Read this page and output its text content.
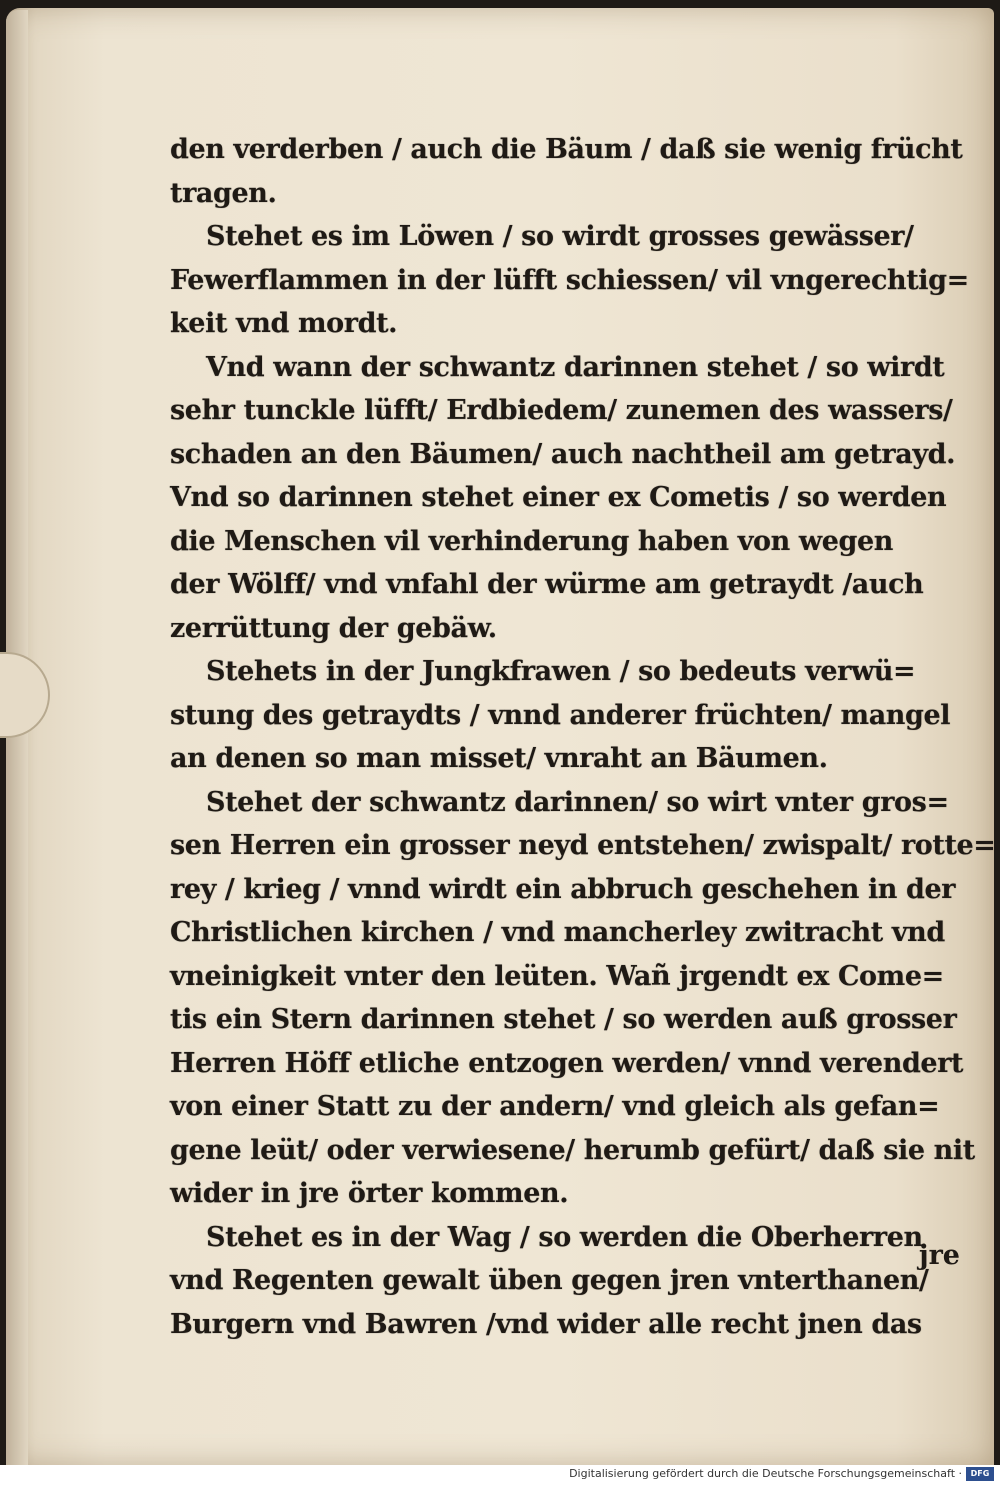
den verderben / auch die Bäum / daß sie wenig frücht
tragen.
Stehet es im Löwen / so wirdt grosses gewässer/
Fewerflammen in der lüfft schiessen/ vil vngerechtig=
keit vnd mordt.
Vnd wann der schwantz darinnen stehet / so wirdt
sehr tunckle lüfft/ Erdbiedem/ zunemen des wassers/
schaden an den Bäumen/ auch nachtheil am getrayd.
Vnd so darinnen stehet einer ex Cometis / so werden
die Menschen vil verhinderung haben von wegen
der Wölff/ vnd vnfahl der würme am getraydt /auch
zerrüttung der gebäw.
Stehets in der Jungkfrawen / so bedeuts verwü=
stung des getraydts / vnnd anderer früchten/ mangel
an denen so man misset/ vnraht an Bäumen.
Stehet der schwantz darinnen/ so wirt vnter gros=
sen Herren ein grosser neyd entstehen/ zwispalt/ rotte=
rey / krieg / vnnd wirdt ein abbruch geschehen in der
Christlichen kirchen / vnd mancherley zwitracht vnd
vneinigkeit vnter den leüten. Wañ jrgendt ex Come=
tis ein Stern darinnen stehet / so werden auß grosser
Herren Höff etliche entzogen werden/ vnnd verendert
von einer Statt zu der andern/ vnd gleich als gefan=
gene leüt/ oder verwiesene/ herumb gefürt/ daß sie nit
wider in jre örter kommen.
Stehet es in der Wag / so werden die Oberherren
vnd Regenten gewalt üben gegen jren vnterthanen/
Burgern vnd Bawren /vnd wider alle recht jnen das
jre
Digitalisierung gefördert durch die Deutsche Forschungsgemeinschaft ·	DFG
